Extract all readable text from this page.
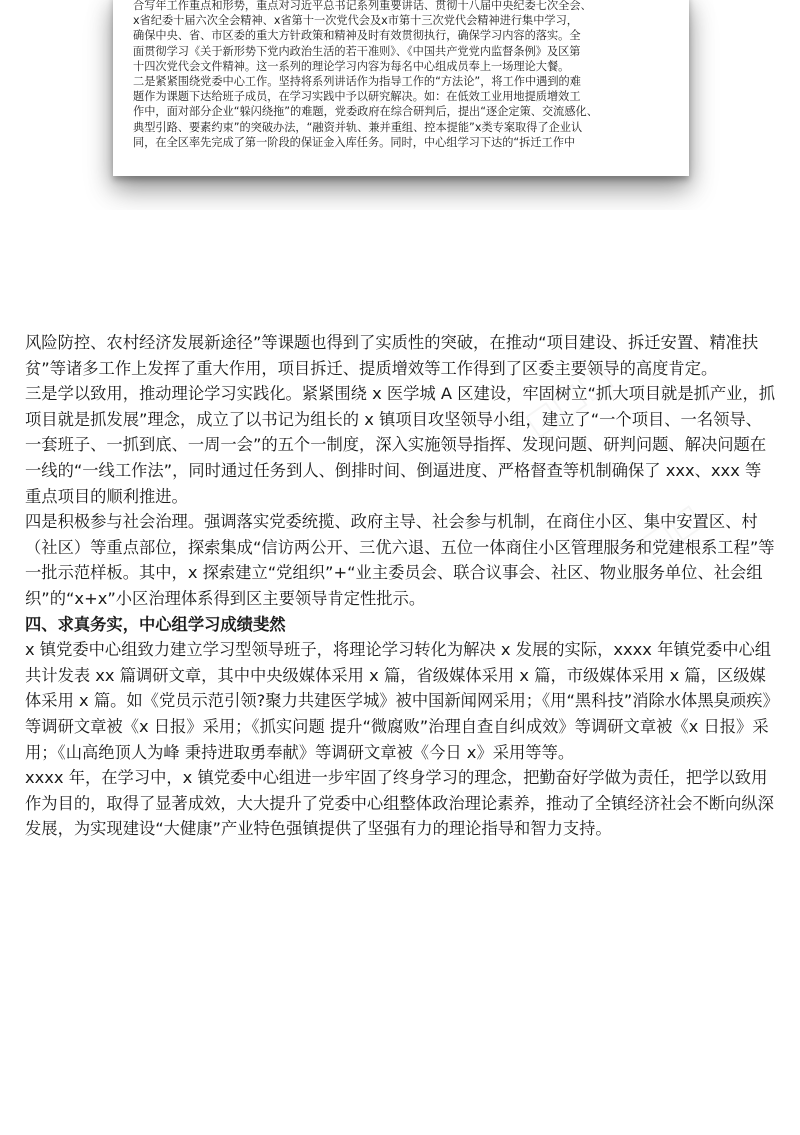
合写年工作重点和形势，重点对习近平总书记系列重要讲话、贯彻十八届中央纪委七次全会、

x省纪委十届六次全会精神、x省第十一次党代会及x市第十三次党代会精神进行集中学习，

确保中央、省、市区委的重大方针政策和精神及时有效贯彻执行，确保学习内容的落实。全

面贯彻学习《关于新形势下党内政治生活的若干准则》、《中国共产党党内监督条例》及区第

十四次党代会文件精神。这一系列的理论学习内容为每名中心组成员奉上一场理论大餐。

二是紧紧围绕党委中心工作。坚持将系列讲话作为指导工作的“方法论”，将工作中遇到的难

题作为课题下达给班子成员，在学习实践中予以研究解决。如：在低效工业用地提质增效工

作中，面对部分企业“躲闪绕拖”的难题，党委政府在综合研判后，提出“逐企定策、交流感化、

典型引路、要素约束”的突破办法，“融资并轨、兼并重组、控本提能”x类专案取得了企业认

同，在全区率先完成了第一阶段的保证金入库任务。同时，中心组学习下达的“拆迁工作中

□□□
□□□

风险防控、农村经济发展新途径”等课题也得到了实质性的突破，在推动“项目建设、拆迁安置、精准扶贫”等诸多工作上发挥了重大作用，项目拆迁、提质增效等工作得到了区委主要领导的高度肯定。

三是学以致用，推动理论学习实践化。紧紧围绕 x 医学城 A 区建设，牢固树立“抓大项目就是抓产业，抓项目就是抓发展”理念，成立了以书记为组长的 x 镇项目攻坚领导小组，建立了“一个项目、一名领导、一套班子、一抓到底、一周一会”的五个一制度，深入实施领导指挥、发现问题、研判问题、解决问题在一线的“一线工作法”，同时通过任务到人、倒排时间、倒逼进度、严格督查等机制确保了 xxx、xxx 等重点项目的顺利推进。

四是积极参与社会治理。强调落实党委统揽、政府主导、社会参与机制，在商住小区、集中安置区、村（社区）等重点部位，探索集成“信访两公开、三优六退、五位一体商住小区管理服务和党建根系工程”等一批示范样板。其中，x 探索建立“党组织”+“业主委员会、联合议事会、社区、物业服务单位、社会组织”的“x+x”小区治理体系得到区主要领导肯定性批示。

四、求真务实，中心组学习成绩斐然

x 镇党委中心组致力建立学习型领导班子，将理论学习转化为解决 x 发展的实际，xxxx 年镇党委中心组共计发表 xx 篇调研文章，其中中央级媒体采用 x 篇，省级媒体采用 x 篇，市级媒体采用 x 篇，区级媒体采用 x 篇。如《党员示范引领?聚力共建医学城》被中国新闻网采用；《用“黑科技”消除水体黑臭顽疾》等调研文章被《x 日报》采用；《抓实问题 提升“微腐败”治理自查自纠成效》等调研文章被《x 日报》采用；《山高绝顶人为峰 秉持进取勇奉献》等调研文章被《今日 x》采用等等。

xxxx 年，在学习中，x 镇党委中心组进一步牢固了终身学习的理念，把勤奋好学做为责任，把学以致用作为目的，取得了显著成效，大大提升了党委中心组整体政治理论素养，推动了全镇经济社会不断向纵深发展，为实现建设“大健康”产业特色强镇提供了坚强有力的理论指导和智力支持。
